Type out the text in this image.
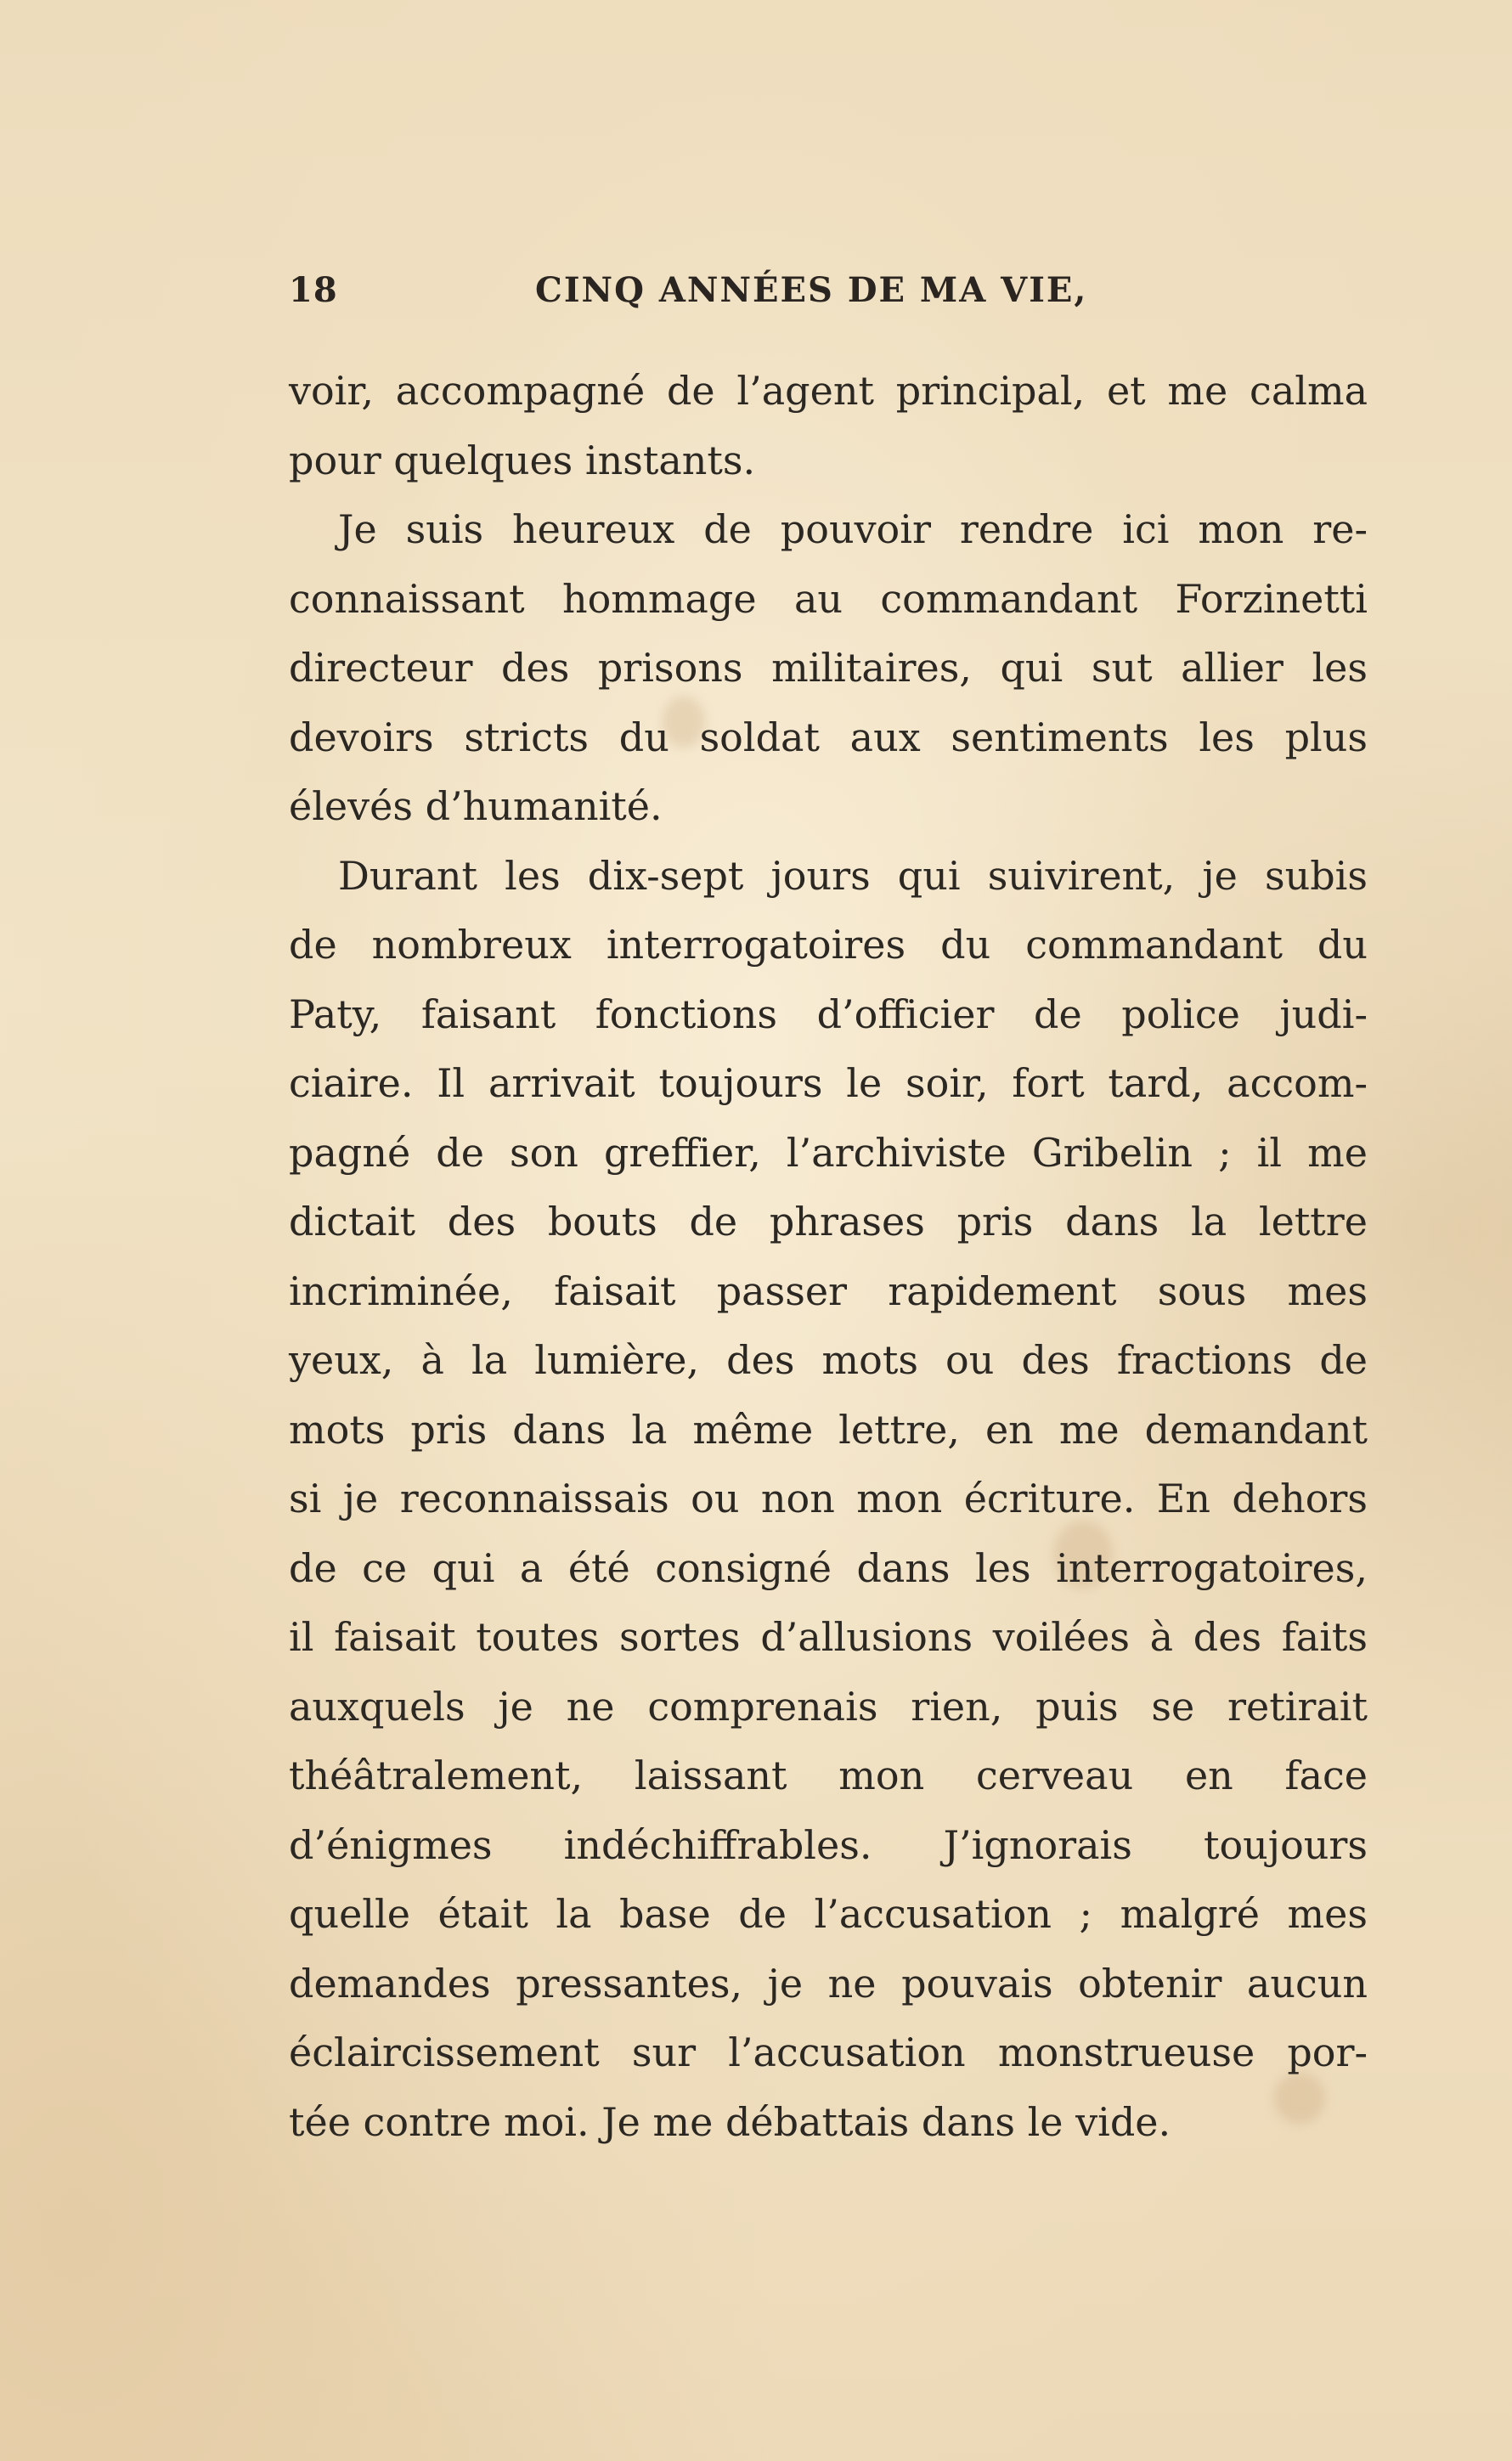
18	CINQ ANNÉES DE MA VIE,
voir, accompagné de l’agent principal, et me calma
pour quelques instants.
Je suis heureux de pouvoir rendre ici mon re-
connaissant hommage au commandant Forzinetti
directeur des prisons militaires, qui sut allier les
devoirs stricts du soldat aux sentiments les plus
élevés d’humanité.
Durant les dix-sept jours qui suivirent, je subis
de nombreux interrogatoires du commandant du
Paty, faisant fonctions d’officier de police judi-
ciaire. Il arrivait toujours le soir, fort tard, accom-
pagné de son greffier, l’archiviste Gribelin ; il me
dictait des bouts de phrases pris dans la lettre
incriminée, faisait passer rapidement sous mes
yeux, à la lumière, des mots ou des fractions de
mots pris dans la même lettre, en me demandant
si je reconnaissais ou non mon écriture. En dehors
de ce qui a été consigné dans les interrogatoires,
il faisait toutes sortes d’allusions voilées à des faits
auxquels je ne comprenais rien, puis se retirait
théâtralement, laissant mon cerveau en face
d’énigmes indéchiffrables. J’ignorais toujours
quelle était la base de l’accusation ; malgré mes
demandes pressantes, je ne pouvais obtenir aucun
éclaircissement sur l’accusation monstrueuse por-
tée contre moi. Je me débattais dans le vide.
